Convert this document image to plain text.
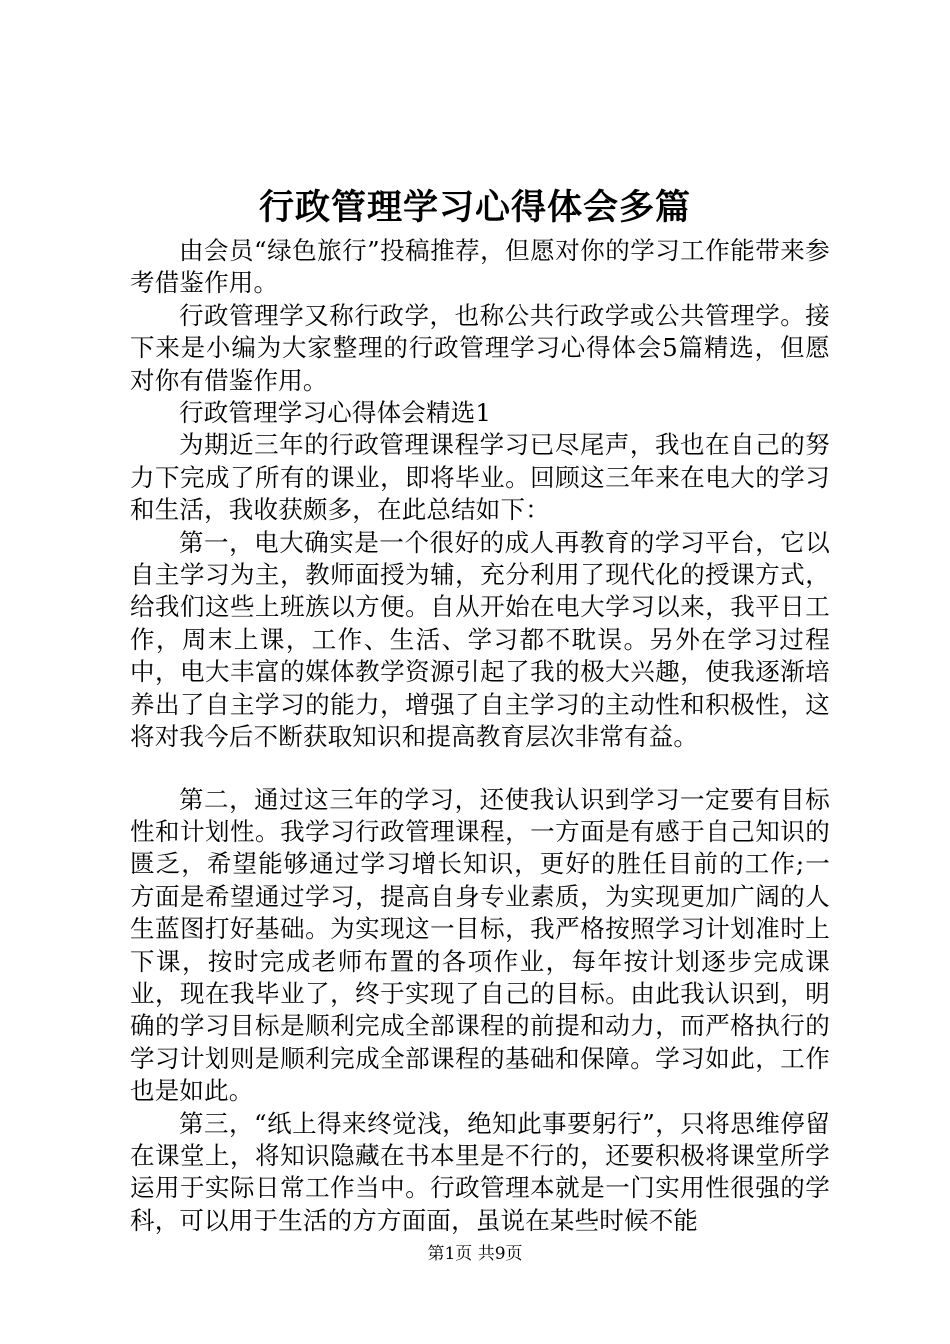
行政管理学习心得体会多篇

由会员“绿色旅行”投稿推荐，但愿对你的学习工作能带来参考借鉴作用。

行政管理学又称行政学，也称公共行政学或公共管理学。接下来是小编为大家整理的行政管理学习心得体会5篇精选，但愿对你有借鉴作用。

行政管理学习心得体会精选1

为期近三年的行政管理课程学习已尽尾声，我也在自己的努力下完成了所有的课业，即将毕业。回顾这三年来在电大的学习和生活，我收获颇多，在此总结如下：

第一，电大确实是一个很好的成人再教育的学习平台，它以自主学习为主，教师面授为辅，充分利用了现代化的授课方式，给我们这些上班族以方便。自从开始在电大学习以来，我平日工作，周末上课，工作、生活、学习都不耽误。另外在学习过程中，电大丰富的媒体教学资源引起了我的极大兴趣，使我逐渐培养出了自主学习的能力，增强了自主学习的主动性和积极性，这将对我今后不断获取知识和提高教育层次非常有益。

第二，通过这三年的学习，还使我认识到学习一定要有目标性和计划性。我学习行政管理课程，一方面是有感于自己知识的匮乏，希望能够通过学习增长知识，更好的胜任目前的工作;一方面是希望通过学习，提高自身专业素质，为实现更加广阔的人生蓝图打好基础。为实现这一目标，我严格按照学习计划准时上下课，按时完成老师布置的各项作业，每年按计划逐步完成课业，现在我毕业了，终于实现了自己的目标。由此我认识到，明确的学习目标是顺利完成全部课程的前提和动力，而严格执行的学习计划则是顺利完成全部课程的基础和保障。学习如此，工作也是如此。

第三，“纸上得来终觉浅，绝知此事要躬行”，只将思维停留在课堂上，将知识隐藏在书本里是不行的，还要积极将课堂所学运用于实际日常工作当中。行政管理本就是一门实用性很强的学科，可以用于生活的方方面面，虽说在某些时候不能

第1页 共9页
